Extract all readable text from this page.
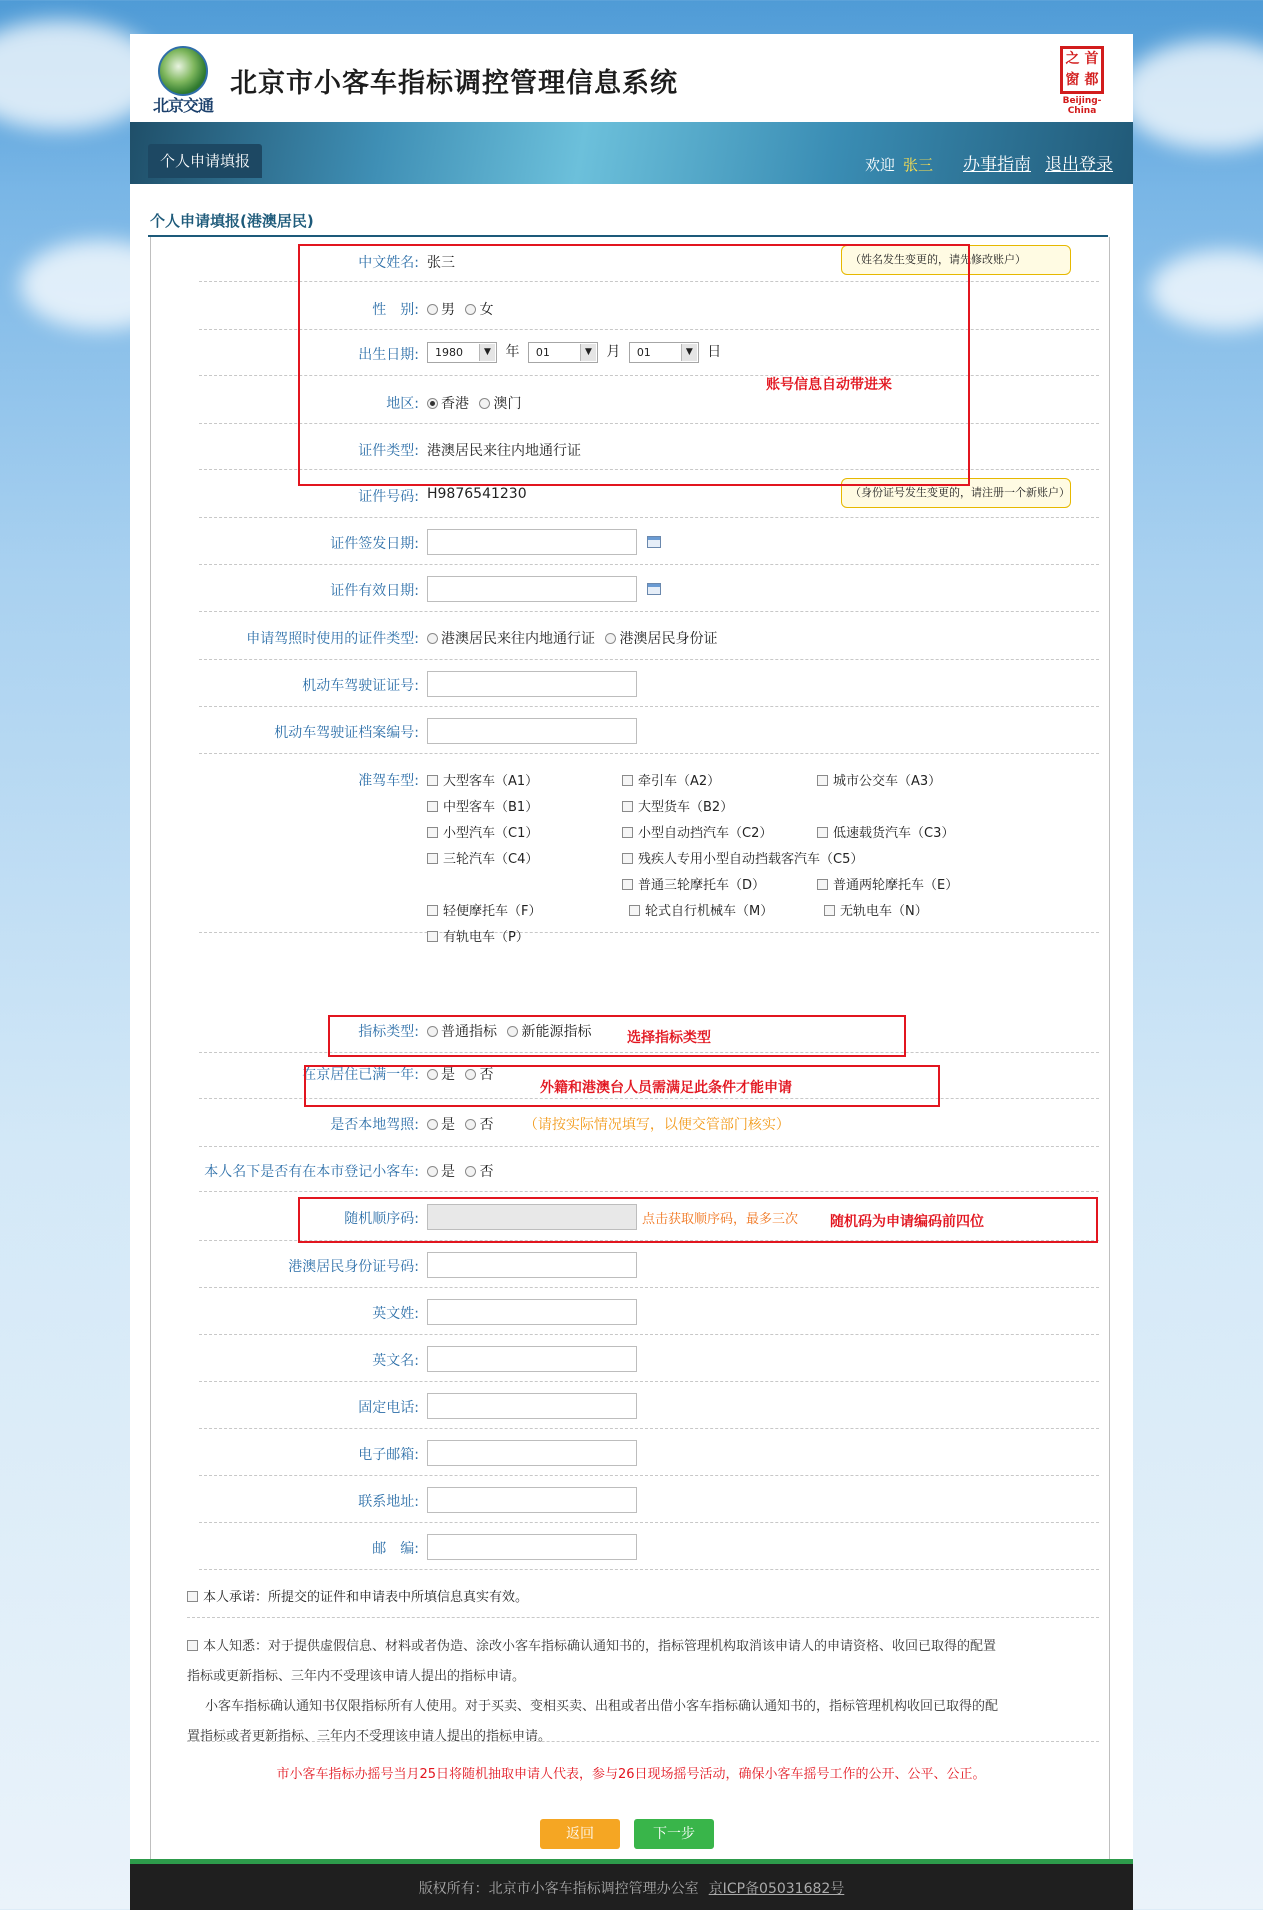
北京交通
北京市小客车指标调控管理信息系统
之 首
窗 都
Beijing-China
个人申请填报	欢迎 张三 办事指南 退出登录
个人申请填报(港澳居民)
中文姓名: 张三	（姓名发生变更的，请先修改账户）
性　别:	男 女
出生日期:	1980	▼ 年 01	▼ 月 01	▼ 日
地区:	香港 澳门
证件类型: 港澳居民来往内地通行证
证件号码: H9876541230	（身份证号发生变更的，请注册一个新账户）
证件签发日期:
证件有效日期:
申请驾照时使用的证件类型:	港澳居民来往内地通行证 港澳居民身份证
机动车驾驶证证号:
机动车驾驶证档案编号:
准驾车型:	大型客车（A1）	牵引车（A2）	城市公交车（A3）
中型客车（B1）	大型货车（B2）
小型汽车（C1）	小型自动挡汽车（C2）	低速载货汽车（C3）
三轮汽车（C4）	残疾人专用小型自动挡载客汽车（C5）
普通三轮摩托车（D）	普通两轮摩托车（E）
轻便摩托车（F）	轮式自行机械车（M）	无轨电车（N）
有轨电车（P）
指标类型:	普通指标 新能源指标
在京居住已满一年:	是 否
是否本地驾照:	是 否 （请按实际情况填写，以便交管部门核实）
本人名下是否有在本市登记小客车:	是 否
随机顺序码:	点击获取顺序码，最多三次
港澳居民身份证号码:
英文姓:
英文名:
固定电话:
电子邮箱:
联系地址:
邮　编:
本人承诺：所提交的证件和申请表中所填信息真实有效。
本人知悉：对于提供虚假信息、材料或者伪造、涂改小客车指标确认通知书的，指标管理机构取消该申请人的申请资格、收回已取得的配置
指标或更新指标、三年内不受理该申请人提出的指标申请。
小客车指标确认通知书仅限指标所有人使用。对于买卖、变相买卖、出租或者出借小客车指标确认通知书的，指标管理机构收回已取得的配
置指标或者更新指标、三年内不受理该申请人提出的指标申请。
市小客车指标办摇号当月25日将随机抽取申请人代表，参与26日现场摇号活动，确保小客车摇号工作的公开、公平、公正。
账号信息自动带进来
选择指标类型
外籍和港澳台人员需满足此条件才能申请
随机码为申请编码前四位
返回	下一步
版权所有：北京市小客车指标调控管理办公室 京ICP备05031682号
